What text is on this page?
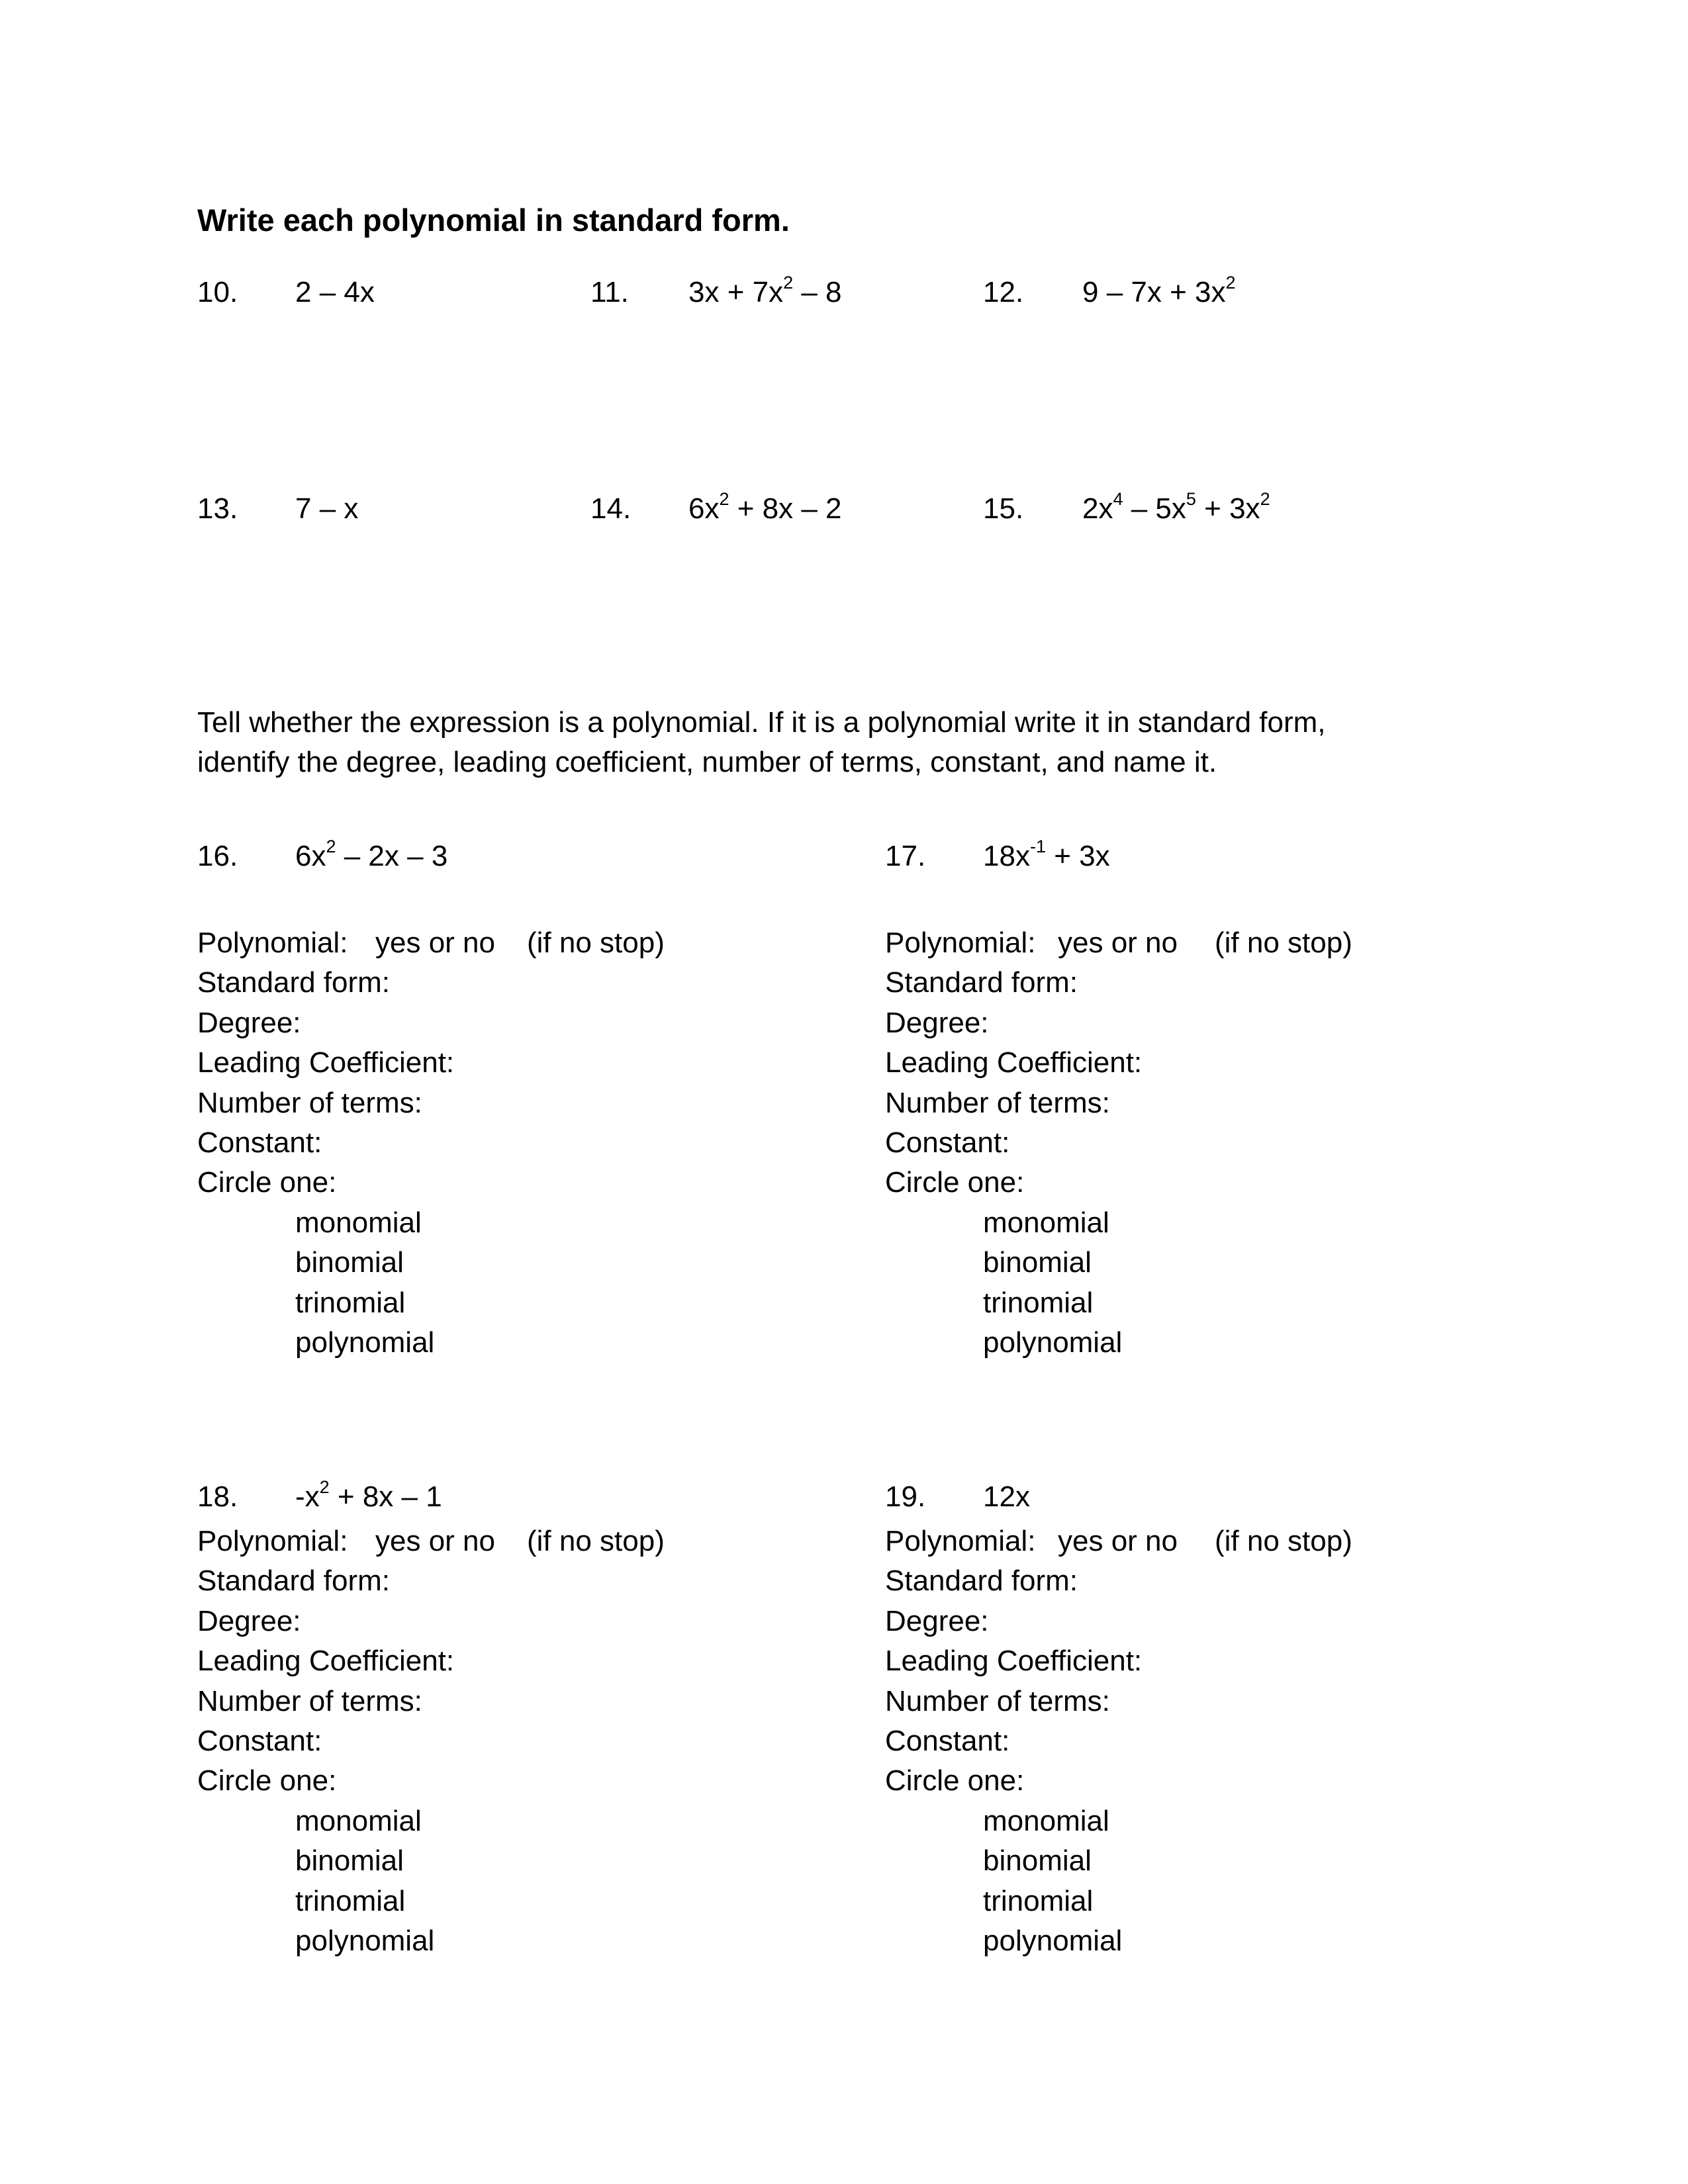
Write each polynomial in standard form.
Tell whether the expression is a polynomial. If it is a polynomial write it in standard form,
identify the degree, leading coefficient, number of terms, constant, and name it.
10. 2 – 4x	11. $3x + 7x^2 - 8$	12. $9 - 7x + 3x^2$
13. 7 – x	14. $6x^2 + 8x - 2$	15. $2x^4 - 5x^5 + 3x^2$
16. $6x^2 - 2x - 3$
Polynomial: yes or no (if no stop)
Standard form:
Degree:
Leading Coefficient:
Number of terms:
Constant:
Circle one:
monomial
binomial
trinomial
polynomial
17. $18x^{-1} + 3x$
Polynomial: yes or no (if no stop)
Standard form:
Degree:
Leading Coefficient:
Number of terms:
Constant:
Circle one:
monomial
binomial
trinomial
polynomial
18. $-x^2 + 8x - 1$
Polynomial: yes or no (if no stop)
Standard form:
Degree:
Leading Coefficient:
Number of terms:
Constant:
Circle one:
monomial
binomial
trinomial
polynomial
19. 12x
Polynomial: yes or no (if no stop)
Standard form:
Degree:
Leading Coefficient:
Number of terms:
Constant:
Circle one:
monomial
binomial
trinomial
polynomial
